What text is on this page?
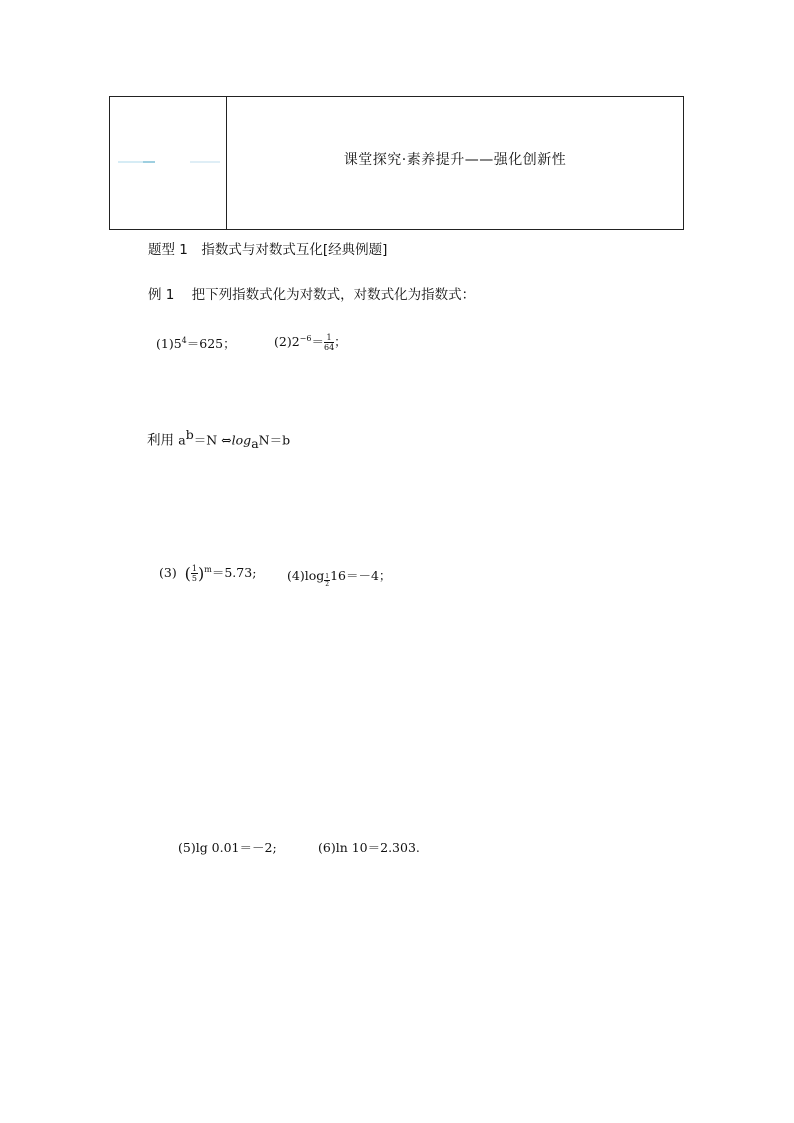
课堂探究·素养提升——强化创新性
题型 1　指数式与对数式互化[经典例题]
例 1 把下列指数式化为对数式，对数式化为指数式：
$(1)5^4=625$；	$(2)2^{-6}= \frac{1}{64}$ ；
利用 $a^b=N$ $\Leftrightarrow\log_aN=b$
(3) ( $\frac{1}{5} )^m=5.73$; $(4)\log \frac{1}{2} 16=-4$；
(5)lg 0.01＝－2;	(6)ln 10＝2.303.
